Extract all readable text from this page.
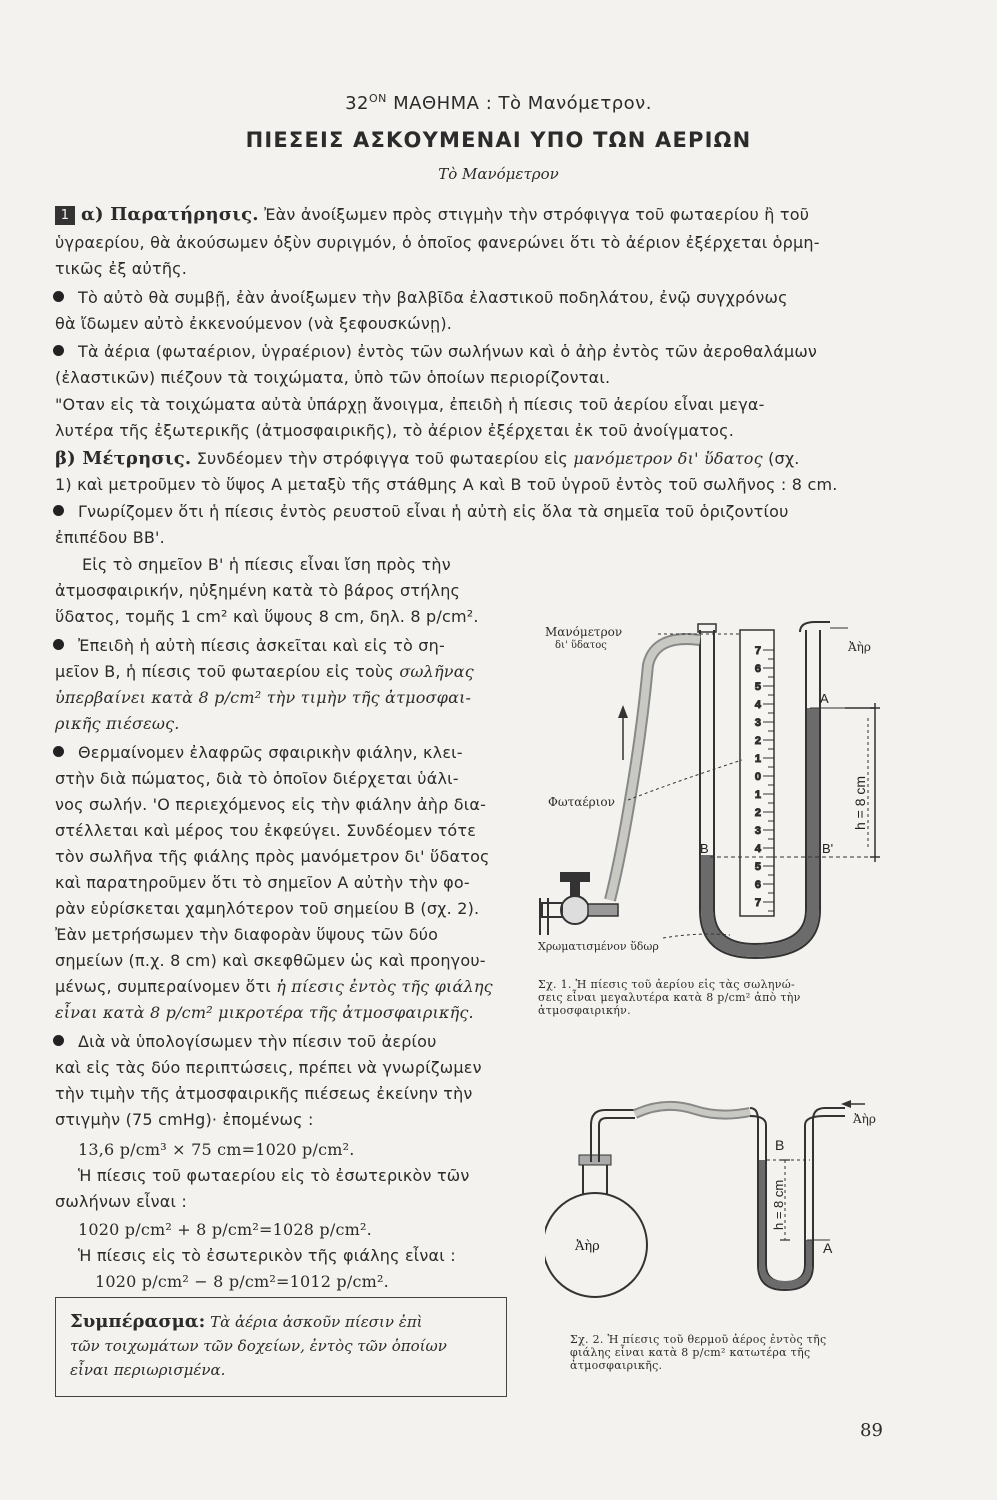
$32^{ON}$ ΜΑΘΗΜΑ : Τὸ Μανόμετρον.
ΠΙΕΣΕΙΣ ΑΣΚΟΥΜΕΝΑΙ ΥΠΟ ΤΩΝ ΑΕΡΙΩΝ
Τὸ Μανόμετρον
1 α) Παρατήρησις. Ἐὰν ἀνοίξωμεν πρὸς στιγμὴν τὴν στρόφιγγα τοῦ φωταερίου ἢ τοῦ
ὑγραερίου, θὰ ἀκούσωμεν ὀξὺν συριγμόν, ὁ ὁποῖος φανερώνει ὅτι τὸ ἀέριον ἐξέρχεται ὁρμη-
τικῶς ἐξ αὐτῆς.
Τὸ αὐτὸ θὰ συμβῇ, ἐὰν ἀνοίξωμεν τὴν βαλβῖδα ἐλαστικοῦ ποδηλάτου, ἐνῷ συγχρόνως
θὰ ἴδωμεν αὐτὸ ἐκκενούμενον (νὰ ξεφουσκώνῃ).
Τὰ ἀέρια (φωταέριον, ὑγραέριον) ἐντὸς τῶν σωλήνων καὶ ὁ ἀὴρ ἐντὸς τῶν ἀεροθαλάμων
(ἐλαστικῶν) πιέζουν τὰ τοιχώματα, ὑπὸ τῶν ὁποίων περιορίζονται.
"Οταν εἰς τὰ τοιχώματα αὐτὰ ὑπάρχῃ ἄνοιγμα, ἐπειδὴ ἡ πίεσις τοῦ ἀερίου εἶναι μεγα-
λυτέρα τῆς ἐξωτερικῆς (ἀτμοσφαιρικῆς), τὸ ἀέριον ἐξέρχεται ἐκ τοῦ ἀνοίγματος.
β) Μέτρησις. Συνδέομεν τὴν στρόφιγγα τοῦ φωταερίου εἰς μανόμετρον δι' ὕδατος (σχ.
1) καὶ μετροῦμεν τὸ ὕψος Α μεταξὺ τῆς στάθμης Α καὶ Β τοῦ ὑγροῦ ἐντὸς τοῦ σωλῆνος : 8 cm.
Γνωρίζομεν ὅτι ἡ πίεσις ἐντὸς ρευστοῦ εἶναι ἡ αὐτὴ εἰς ὅλα τὰ σημεῖα τοῦ ὁριζοντίου
ἐπιπέδου ΒΒ'.
Εἰς τὸ σημεῖον Β' ἡ πίεσις εἶναι ἴση πρὸς τὴν
ἀτμοσφαιρικήν, ηὐξημένη κατὰ τὸ βάρος στήλης
ὕδατος, τομῆς 1 cm² καὶ ὕψους 8 cm, δηλ. 8 p/cm².
Ἐπειδὴ ἡ αὐτὴ πίεσις ἀσκεῖται καὶ εἰς τὸ ση-
μεῖον Β, ἡ πίεσις τοῦ φωταερίου εἰς τοὺς σωλῆνας
ὑπερβαίνει κατὰ 8 p/cm² τὴν τιμὴν τῆς ἀτμοσφαι-
ρικῆς πιέσεως.
Θερμαίνομεν ἐλαφρῶς σφαιρικὴν φιάλην, κλει-
στὴν διὰ πώματος, διὰ τὸ ὁποῖον διέρχεται ὑάλι-
νος σωλήν. 'Ο περιεχόμενος εἰς τὴν φιάλην ἀὴρ δια-
στέλλεται καὶ μέρος του ἐκφεύγει. Συνδέομεν τότε
τὸν σωλῆνα τῆς φιάλης πρὸς μανόμετρον δι' ὕδατος
καὶ παρατηροῦμεν ὅτι τὸ σημεῖον Α αὐτὴν τὴν φο-
ρὰν εὑρίσκεται χαμηλότερον τοῦ σημείου Β (σχ. 2).
Ἐὰν μετρήσωμεν τὴν διαφορὰν ὕψους τῶν δύο
σημείων (π.χ. 8 cm) καὶ σκεφθῶμεν ὡς καὶ προηγου-
μένως, συμπεραίνομεν ὅτι ἡ πίεσις ἐντὸς τῆς φιάλης
εἶναι κατὰ 8 p/cm² μικροτέρα τῆς ἀτμοσφαιρικῆς.
Διὰ νὰ ὑπολογίσωμεν τὴν πίεσιν τοῦ ἀερίου
καὶ εἰς τὰς δύο περιπτώσεις, πρέπει νὰ γνωρίζωμεν
τὴν τιμὴν τῆς ἀτμοσφαιρικῆς πιέσεως ἐκείνην τὴν
στιγμὴν (75 cmHg)· ἐπομένως :
13,6 p/cm³ × 75 cm=1020 p/cm².
Ἡ πίεσις τοῦ φωταερίου εἰς τὸ ἐσωτερικὸν τῶν
σωλήνων εἶναι :
1020 p/cm² + 8 p/cm²=1028 p/cm².
Ἡ πίεσις εἰς τὸ ἐσωτερικὸν τῆς φιάλης εἶναι :
1020 p/cm² − 8 p/cm²=1012 p/cm².
Συμπέρασμα: Τὰ ἀέρια ἀσκοῦν πίεσιν ἐπὶ
τῶν τοιχωμάτων τῶν δοχείων, ἐντὸς τῶν ὁποίων
εἶναι περιωρισμένα.
7
6
5
4
3
2
1
0
1
2
3
4
5
6
7
B	B'
A
h = 8 cm
Μανόμετρον
δι' ὕδατος	Ἀὴρ
Φωταέριον
Χρωματισμένον ὕδωρ
Σχ. 1. Ἡ πίεσις τοῦ ἀερίου εἰς τὰς σωληνώ-
σεις εἶναι μεγαλυτέρα κατὰ 8 p/cm² ἀπὸ τὴν
ἀτμοσφαιρικήν.
B
A
h = 8 cm
Ἀὴρ
Ἀὴρ
Σχ. 2. Ἡ πίεσις τοῦ θερμοῦ ἀέρος ἐντὸς τῆς
φιάλης εἶναι κατὰ 8 p/cm² κατωτέρα τῆς
ἀτμοσφαιρικῆς.
89
